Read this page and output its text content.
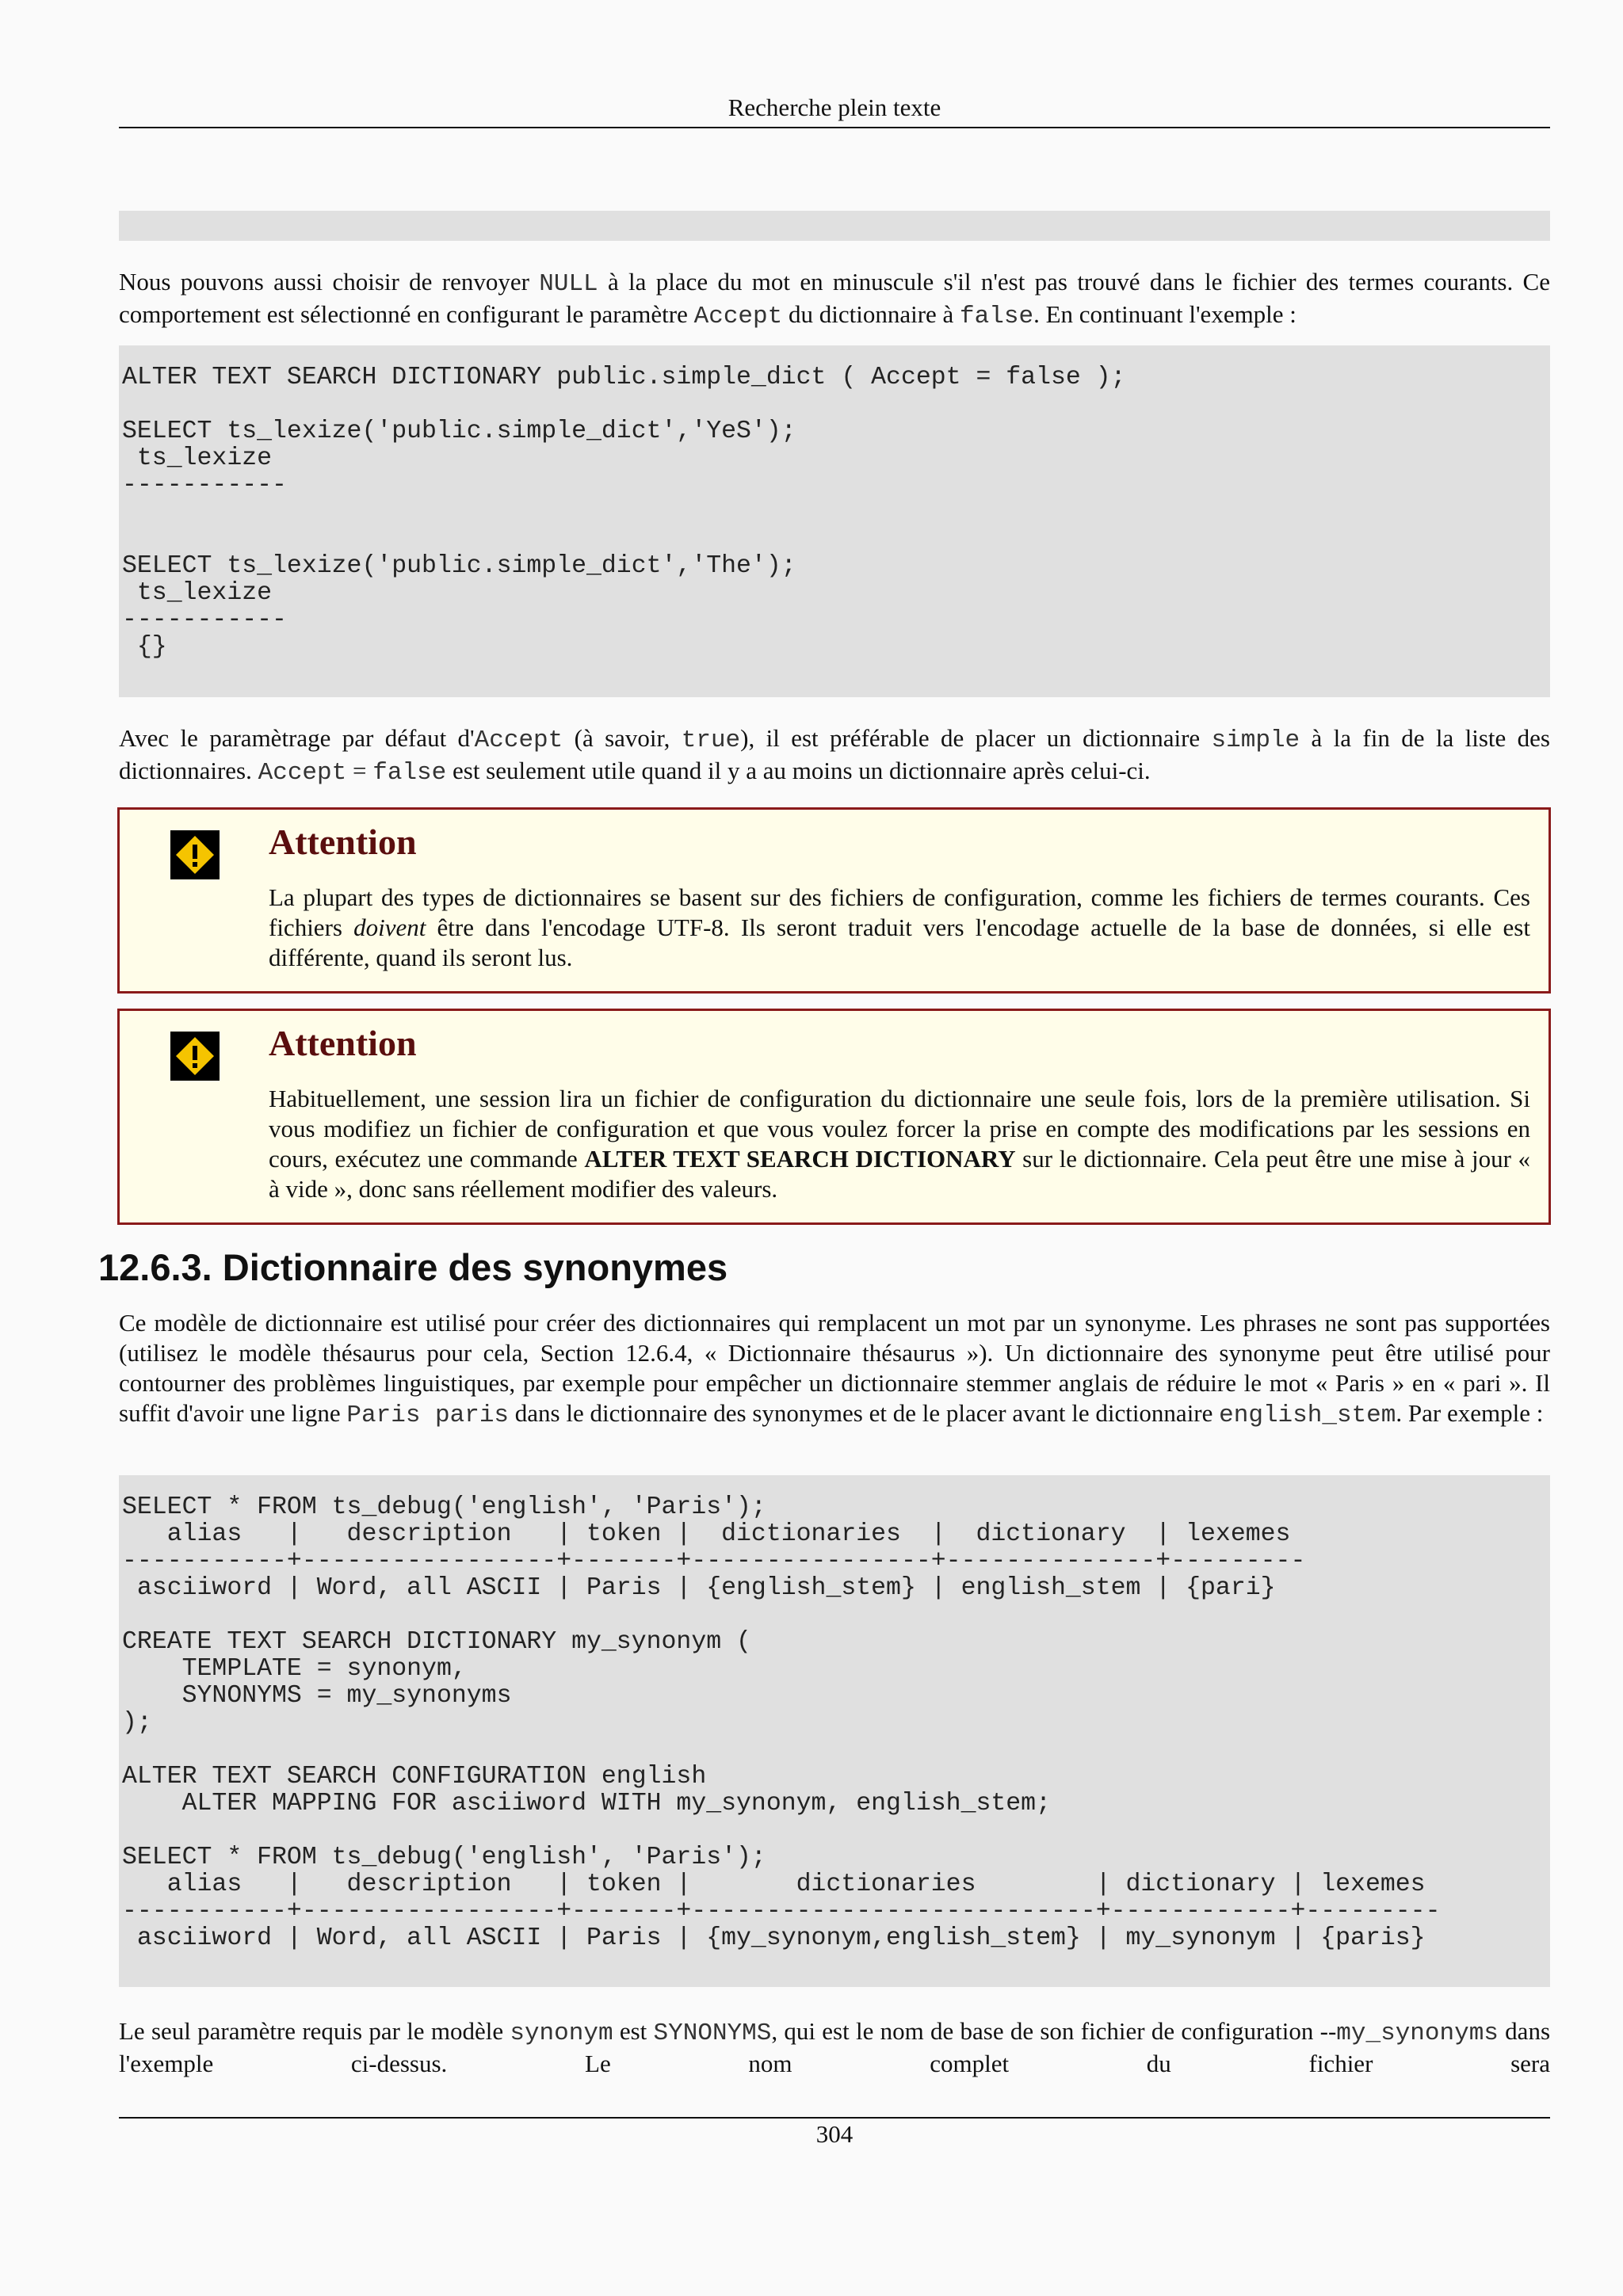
Recherche plein texte
Nous pouvons aussi choisir de renvoyer NULL à la place du mot en minuscule s'il n'est pas trouvé dans le fichier des termes courants. Ce comportement est sélectionné en configurant le paramètre Accept du dictionnaire à false. En continuant l'exemple :
ALTER TEXT SEARCH DICTIONARY public.simple_dict ( Accept = false );

SELECT ts_lexize('public.simple_dict','YeS');
ts_lexize
-----------

SELECT ts_lexize('public.simple_dict','The');
ts_lexize
-----------
{}
Avec le paramètrage par défaut d'Accept (à savoir, true), il est préférable de placer un dictionnaire simple à la fin de la liste des dictionnaires. Accept = false est seulement utile quand il y a au moins un dictionnaire après celui-ci.
Attention
La plupart des types de dictionnaires se basent sur des fichiers de configuration, comme les fichiers de termes courants. Ces fichiers doivent être dans l'encodage UTF-8. Ils seront traduit vers l'encodage actuelle de la base de données, si elle est différente, quand ils seront lus.
Attention
Habituellement, une session lira un fichier de configuration du dictionnaire une seule fois, lors de la première utilisation. Si vous modifiez un fichier de configuration et que vous voulez forcer la prise en compte des modifications par les sessions en cours, exécutez une commande ALTER TEXT SEARCH DICTIONARY sur le dictionnaire. Cela peut être une mise à jour « à vide », donc sans réellement modifier des valeurs.
12.6.3. Dictionnaire des synonymes
Ce modèle de dictionnaire est utilisé pour créer des dictionnaires qui remplacent un mot par un synonyme. Les phrases ne sont pas supportées (utilisez le modèle thésaurus pour cela, Section 12.6.4, « Dictionnaire thésaurus »). Un dictionnaire des synonyme peut être utilisé pour contourner des problèmes linguistiques, par exemple pour empêcher un dictionnaire stemmer anglais de réduire le mot « Paris » en « pari ». Il suffit d'avoir une ligne Paris paris dans le dictionnaire des synonymes et de le placer avant le dictionnaire english_stem. Par exemple :
SELECT * FROM ts_debug('english', 'Paris');
alias   |   description   | token |  dictionaries  |  dictionary  | lexemes
-----------+-----------------+-------+----------------+--------------+---------
asciiword | Word, all ASCII | Paris | {english_stem} | english_stem | {pari}

CREATE TEXT SEARCH DICTIONARY my_synonym (
TEMPLATE = synonym,
SYNONYMS = my_synonyms
);

ALTER TEXT SEARCH CONFIGURATION english
ALTER MAPPING FOR asciiword WITH my_synonym, english_stem;

SELECT * FROM ts_debug('english', 'Paris');
alias   |   description   | token |       dictionaries        | dictionary | lexemes
-----------+-----------------+-------+---------------------------+------------+---------
asciiword | Word, all ASCII | Paris | {my_synonym,english_stem} | my_synonym | {paris}
Le seul paramètre requis par le modèle synonym est SYNONYMS, qui est le nom de base de son fichier de configuration --my_synonyms dans l'exemple ci-dessus. Le nom complet du fichier sera
304
